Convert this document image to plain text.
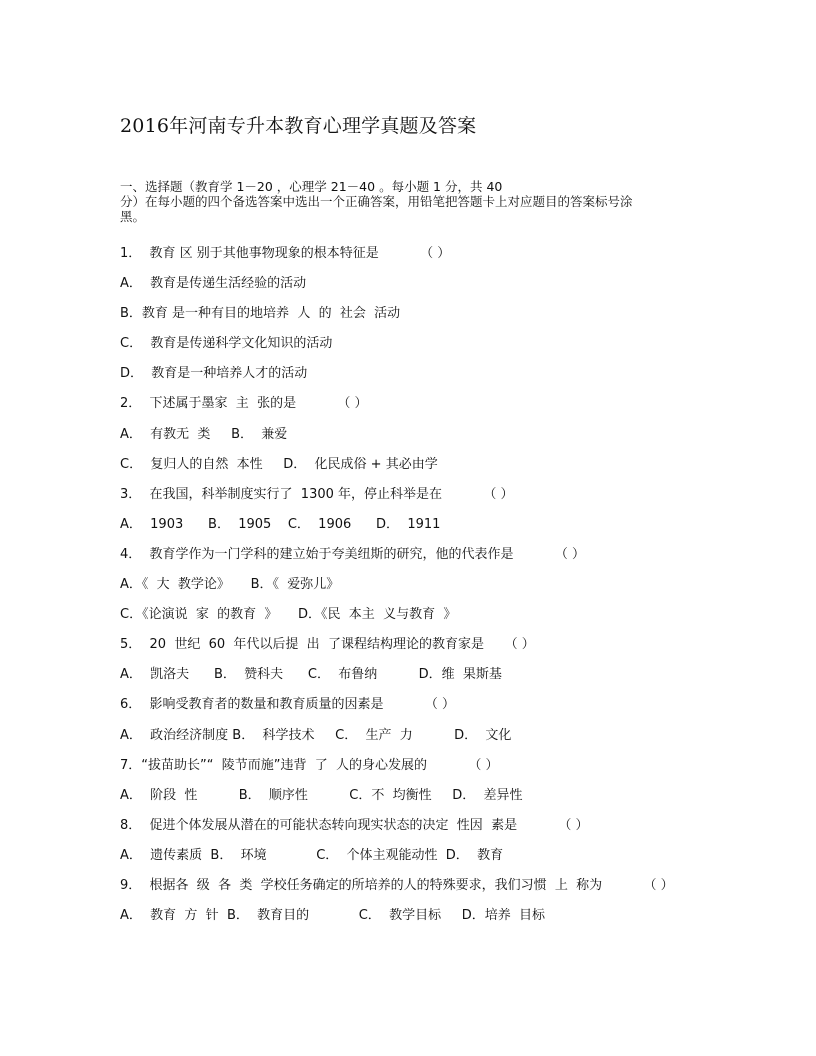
2016年河南专升本教育心理学真题及答案
一、选择题（教育学 1－20 ，心理学 21－40 。每小题 1 分，共 40
分）在每小题的四个备选答案中选出一个正确答案，用铅笔把答题卡上对应题目的答案标号涂
黑。
1．  教育 区 别于其他事物现象的根本特征是          （ ）
A．  教育是传递生活经验的活动
B．教育 是一种有目的地培养  人  的  社会  活动
C．  教育是传递科学文化知识的活动
D．  教育是一种培养人才的活动
2．  下述属于墨家  主  张的是          （ ）
A．  有教无  类     B．  兼爱
C．  复归人的自然  本性     D．  化民成俗 + 其必由学
3．  在我国，科举制度实行了  1300 年，停止科举是在          （ ）
A．  1903      B．  1905    C．  1906      D．  1911
4．  教育学作为一门学科的建立始于夸美纽斯的研究，他的代表作是          （ ）
A．《  大  教学论》     B．《  爱弥儿》
C．《论演说  家  的教育  》     D．《民  本主  义与教育  》
5．  20  世纪  60  年代以后提  出  了课程结构理论的教育家是     （ ）
A．  凯洛夫      B．  赞科夫      C．  布鲁纳          D．维  果斯基
6．  影响受教育者的数量和教育质量的因素是          （ ）
A．  政治经济制度 B．  科学技术     C．  生产  力          D．  文化
7．“拔苗助长”“  陵节而施”违背  了  人的身心发展的          （ ）
A．  阶段  性          B．  顺序性          C．不  均衡性     D．  差异性
8．  促进个体发展从潜在的可能状态转向现实状态的决定  性因  素是          （ ）
A．  遗传素质  B．  环境            C．  个体主观能动性  D．  教育
9．  根据各  级  各  类  学校任务确定的所培养的人的特殊要求，我们习惯  上  称为          （ ）
A．  教育  方  针  B．  教育目的            C．  教学目标     D．培养  目标
